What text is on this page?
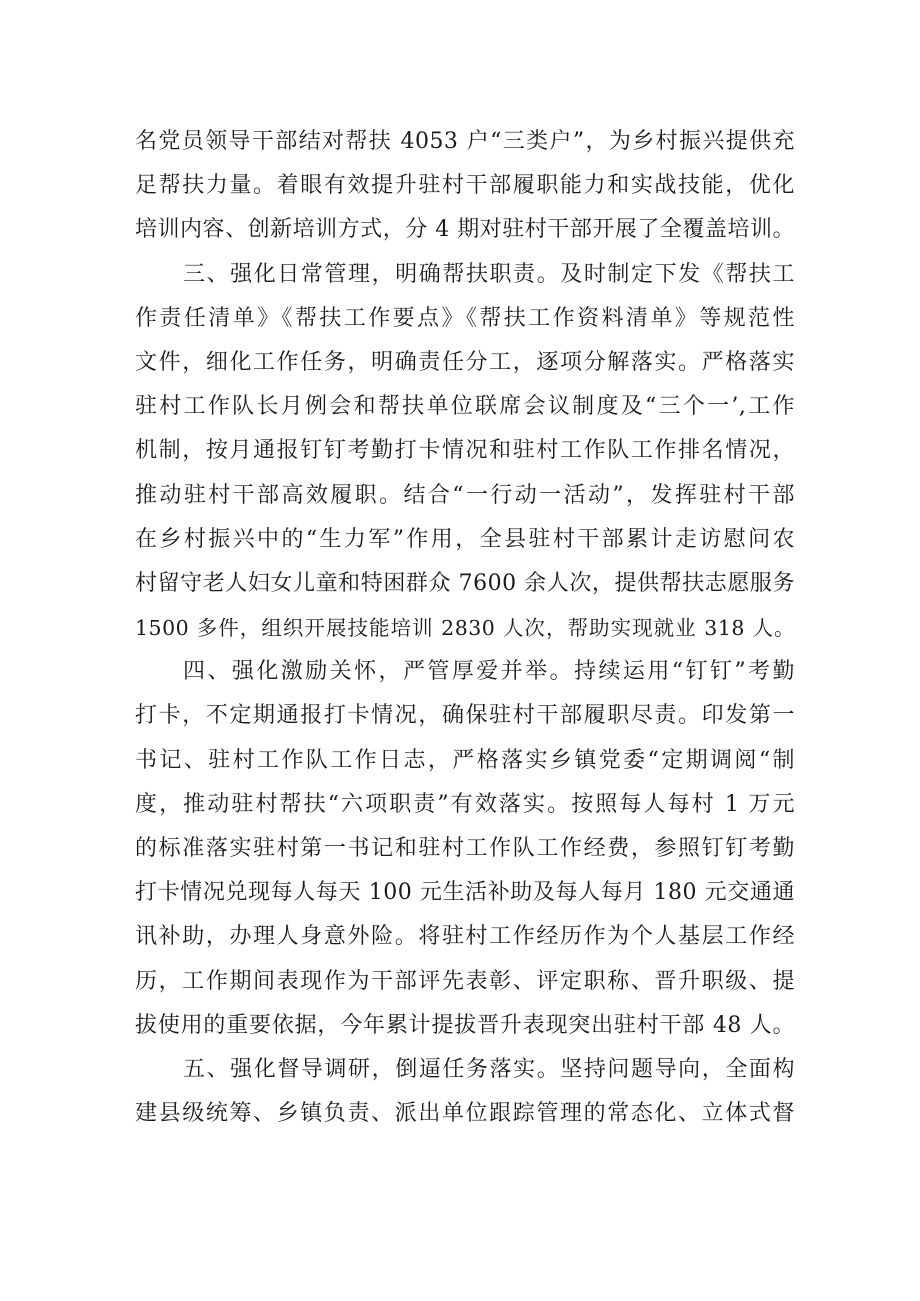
名党员领导干部结对帮扶 4053 户“三类户”，为乡村振兴提供充
足帮扶力量。着眼有效提升驻村干部履职能力和实战技能，优化
培训内容、创新培训方式，分 4 期对驻村干部开展了全覆盖培训。
三、强化日常管理，明确帮扶职责。及时制定下发《帮扶工
作责任清单》《帮扶工作要点》《帮扶工作资料清单》等规范性
文件，细化工作任务，明确责任分工，逐项分解落实。严格落实
驻村工作队长月例会和帮扶单位联席会议制度及“三个一’,工作
机制，按月通报钉钉考勤打卡情况和驻村工作队工作排名情况，
推动驻村干部高效履职。结合“一行动一活动”，发挥驻村干部
在乡村振兴中的“生力军”作用，全县驻村干部累计走访慰问农
村留守老人妇女儿童和特困群众 7600 余人次，提供帮扶志愿服务
1500 多件，组织开展技能培训 2830 人次，帮助实现就业 318 人。
四、强化激励关怀，严管厚爱并举。持续运用“钉钉”考勤
打卡，不定期通报打卡情况，确保驻村干部履职尽责。印发第一
书记、驻村工作队工作日志，严格落实乡镇党委“定期调阅“制
度，推动驻村帮扶“六项职责”有效落实。按照每人每村 1 万元
的标准落实驻村第一书记和驻村工作队工作经费，参照钉钉考勤
打卡情况兑现每人每天 100 元生活补助及每人每月 180 元交通通
讯补助，办理人身意外险。将驻村工作经历作为个人基层工作经
历，工作期间表现作为干部评先表彰、评定职称、晋升职级、提
拔使用的重要依据，今年累计提拔晋升表现突出驻村干部 48 人。
五、强化督导调研，倒逼任务落实。坚持问题导向，全面构
建县级统筹、乡镇负责、派出单位跟踪管理的常态化、立体式督
